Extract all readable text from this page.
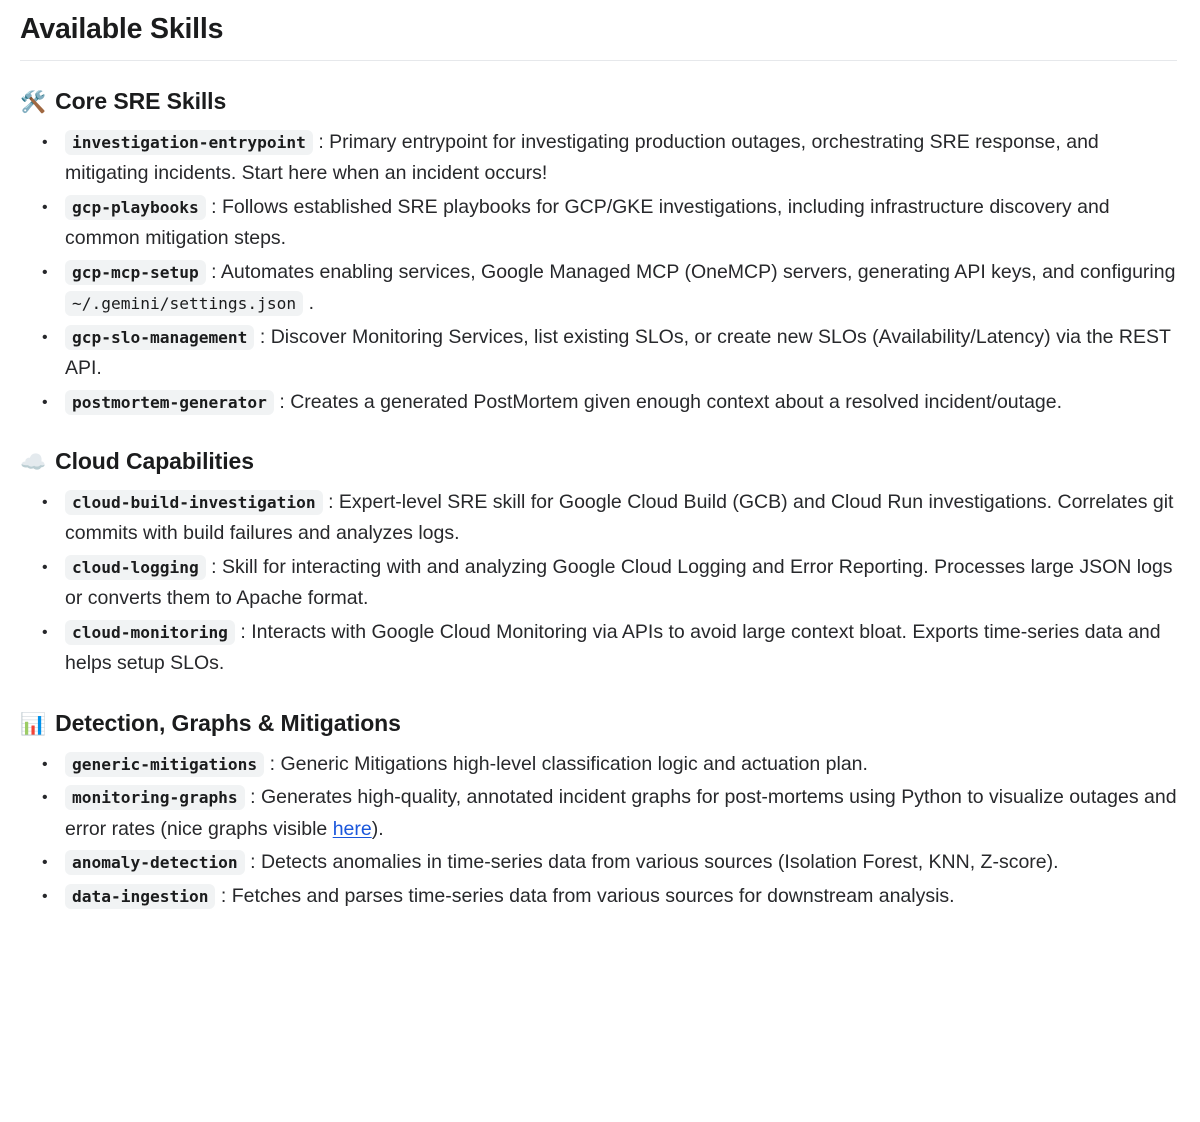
Available Skills
🛠️ Core SRE Skills
• investigation-entrypoint : Primary entrypoint for investigating production outages, orchestrating SRE response, and mitigating incidents. Start here when an incident occurs!
• gcp-playbooks : Follows established SRE playbooks for GCP/GKE investigations, including infrastructure discovery and common mitigation steps.
• gcp-mcp-setup : Automates enabling services, Google Managed MCP (OneMCP) servers, generating API keys, and configuring ~/.gemini/settings.json .
• gcp-slo-management : Discover Monitoring Services, list existing SLOs, or create new SLOs (Availability/Latency) via the REST API.
• postmortem-generator : Creates a generated PostMortem given enough context about a resolved incident/outage.
☁️ Cloud Capabilities
• cloud-build-investigation : Expert-level SRE skill for Google Cloud Build (GCB) and Cloud Run investigations. Correlates git commits with build failures and analyzes logs.
• cloud-logging : Skill for interacting with and analyzing Google Cloud Logging and Error Reporting. Processes large JSON logs or converts them to Apache format.
• cloud-monitoring : Interacts with Google Cloud Monitoring via APIs to avoid large context bloat. Exports time-series data and helps setup SLOs.
📊 Detection, Graphs & Mitigations
• generic-mitigations : Generic Mitigations high-level classification logic and actuation plan.
• monitoring-graphs : Generates high-quality, annotated incident graphs for post-mortems using Python to visualize outages and error rates (nice graphs visible here).
• anomaly-detection : Detects anomalies in time-series data from various sources (Isolation Forest, KNN, Z-score).
• data-ingestion : Fetches and parses time-series data from various sources for downstream analysis.
